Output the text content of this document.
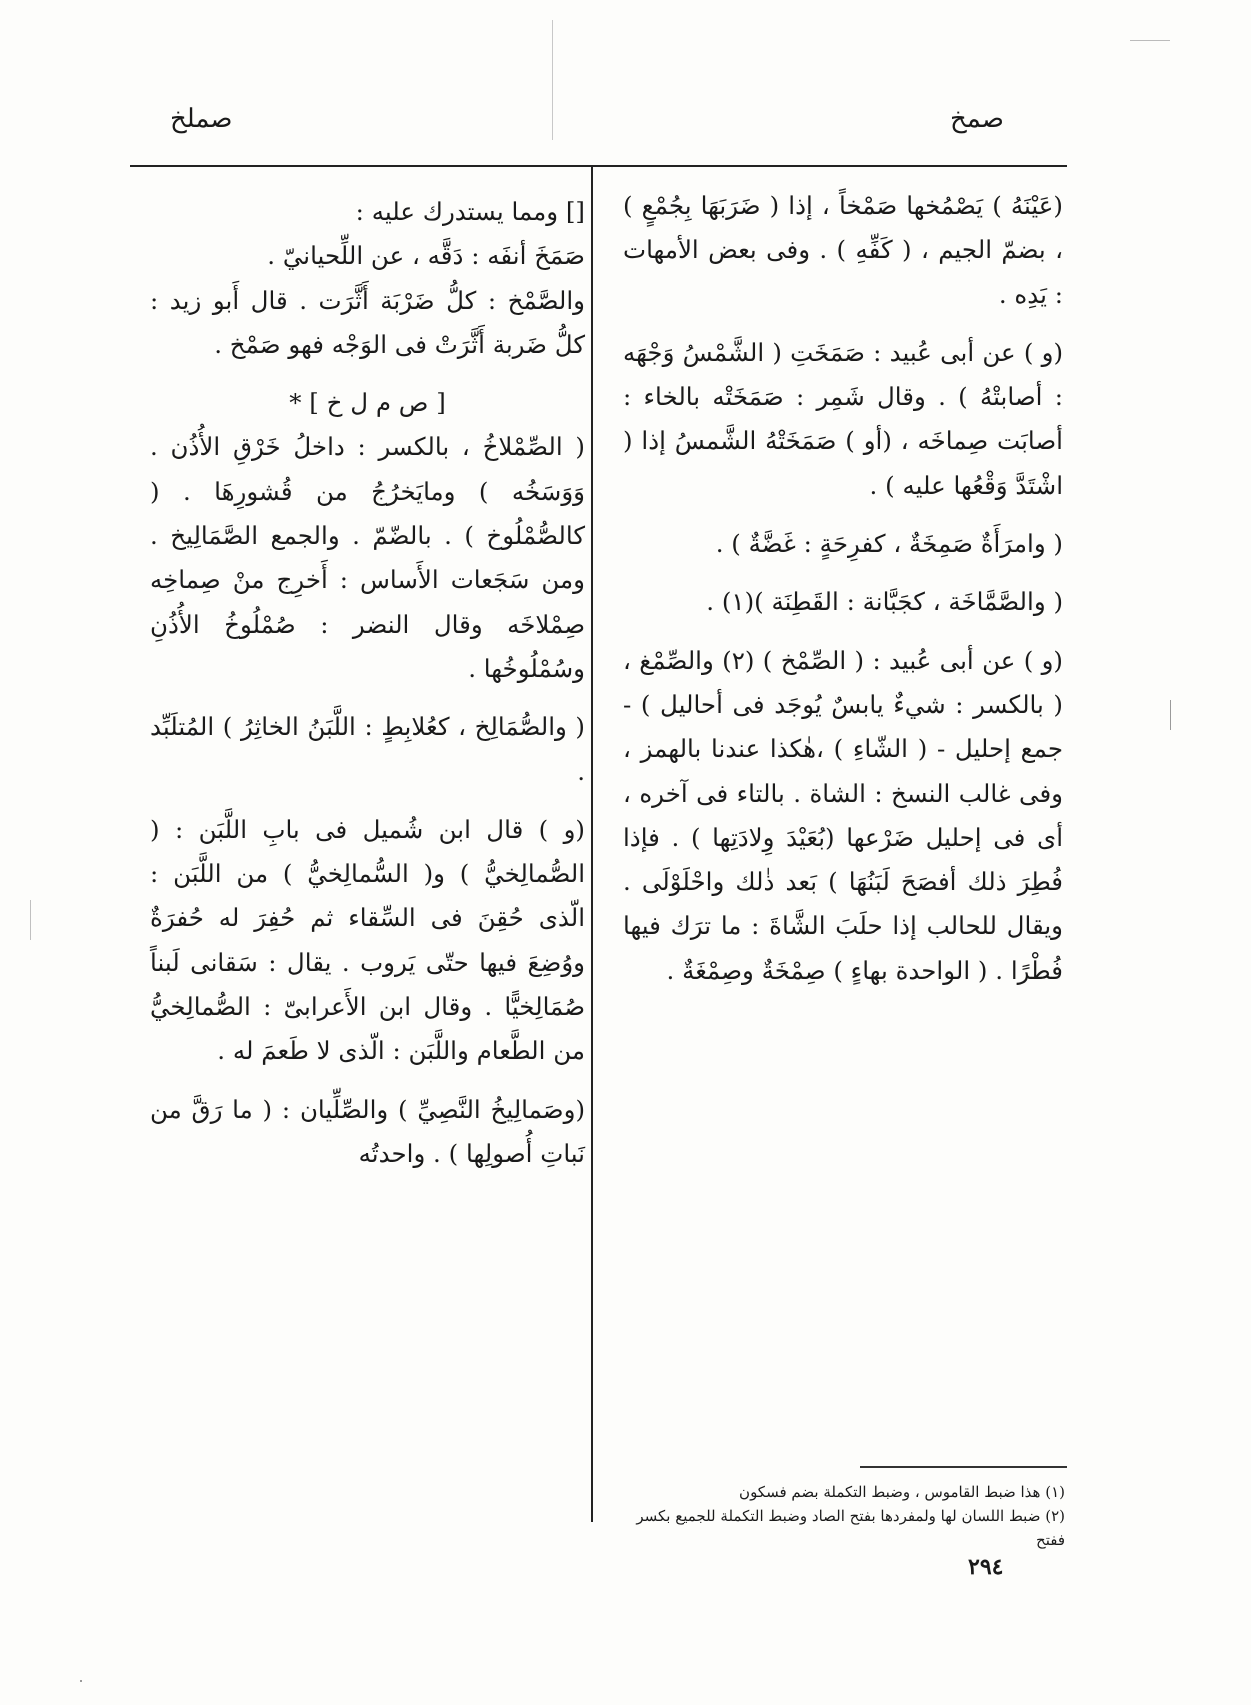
صمخ
صملخ

(عَيْنَهُ ) يَصْمُخها صَمْخاً ، إذا ( ضَرَبَهَا بِجُمْعٍ ) ، بضمّ الجيم ، ( كَفِّهِ ) . وفى بعض الأمهات : يَدِه .

(و ) عن أبى عُبيد : صَمَخَتِ ( الشَّمْسُ وَجْهَه : أصابتْهُ ) . وقال شَمِر : صَمَخَتْه بالخاء : أصابَت صِماخَه ، (أو ) صَمَخَتْهُ الشَّمسُ إذا ( اشْتَدَّ وَقْعُها عليه ) .

( وامرَأَةٌ صَمِخَةٌ ، كفرِحَةٍ : غَضَّةٌ ) .

( والصَّمَّاخَة ، كجَبَّانة : القَطِنَة )(١) .

(و ) عن أبى عُبيد : ( الصِّمْخ ) (٢) والصِّمْغ ،( بالكسر : شيءٌ يابسٌ يُوجَد فى أحاليل ) - جمع إحليل - ( الشّاءِ ) ،هٰكذا عندنا بالهمز ، وفى غالب النسخ : الشاة . بالتاء فى آخره ، أى فى إحليل ضَرْعها (بُعَيْدَ وِلادَتِها ) . فإذا فُطِرَ ذلك أفصَحَ لَبَنُهَا ) بَعد ذٰلك واحْلَوْلَى . ويقال للحالب إذا حلَبَ الشَّاةَ : ما ترَك فيها فُطْرًا . ( الواحدة بهاءٍ ) صِمْخَةٌ وصِمْغَةٌ .

[] ومما يستدرك عليه :

صَمَخَ أنفَه : دَقَّه ، عن اللِّحيانيّ .

والصَّمْخ : كلُّ ضَرْبَة أَثَّرَت . قال أَبو زيد : كلُّ ضَربة أَثَّرَتْ فى الوَجْه فهو صَمْخ .

[ ص م ل خ ] *

( الصِّمْلاخُ ، بالكسر : داخلُ خَرْقِ الأُذُن . وَوَسَخُه ) ومايَخرُجُ من قُشورِهَا . ( كالصُّمْلُوخ ) . بالضّمّ . والجمع الصَّمَالِيخ . ومن سَجَعات الأَساس : أَخرِج منْ صِماخِه صِمْلاخَه وقال النضر : صُمْلُوخُ الأُذُنِ وسُمْلُوخُها .

( والصُّمَالِخ ، كعُلابِطٍ : اللَّبَنُ الخاثِرُ ) المُتلَبِّد .

(و ) قال ابن شُميل فى بابِ اللَّبَن : ( الصُّمالِخيُّ ) و( السُّمالِخيُّ ) من اللَّبَن : الّذى حُقِنَ فى السِّقاء ثم حُفِرَ له حُفرَةٌ ووُضِعَ فيها حتّى يَروب . يقال : سَقانى لَبناً صُمَالِخيًّا . وقال ابن الأَعرابىّ : الصُّمالِخيُّ من الطَّعام واللَّبَن : الّذى لا طَعمَ له .

(وصَمالِيخُ النَّصِيِّ ) والصِّلِّيان : ( ما رَقَّ من نَباتِ أُصولِها ) . واحدتُه

(١) هذا ضبط القاموس ، وضبط التكملة بضم فسكون

(٢) ضبط اللسان لها ولمفردها بفتح الصاد وضبط التكملة للجميع بكسر ففتح

٢٩٤
